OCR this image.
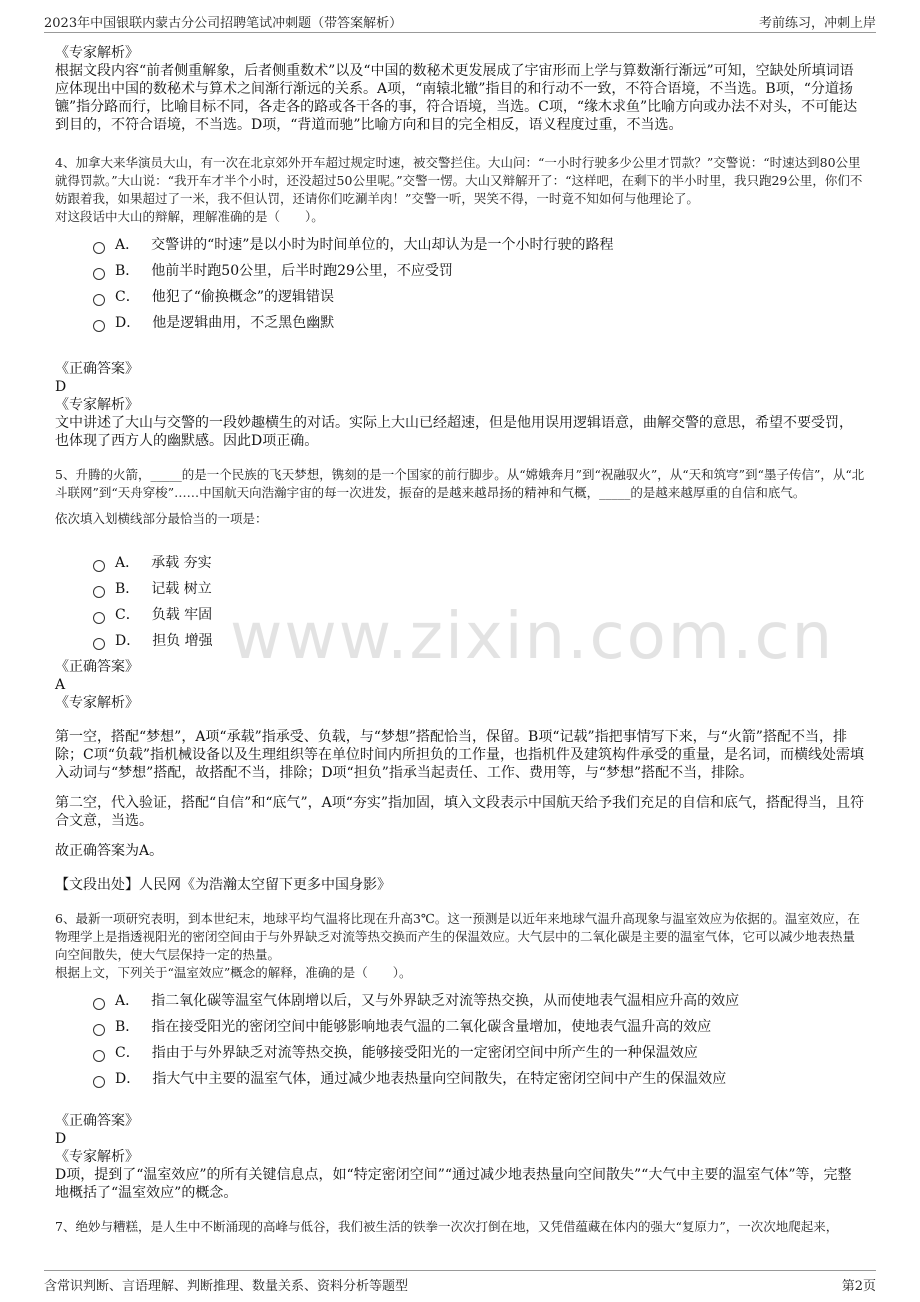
2023年中国银联内蒙古分公司招聘笔试冲刺题（带答案解析）	考前练习，冲刺上岸
www.zixin.com.cn

《专家解析》

根据文段内容“前者侧重解象，后者侧重数术”以及“中国的数秘术更发展成了宇宙形而上学与算数渐行渐远”可知，空缺处所填词语应体现出中国的数秘术与算术之间渐行渐远的关系。A项，“南辕北辙”指目的和行动不一致，不符合语境，不当选。B项，“分道扬镳”指分路而行，比喻目标不同，各走各的路或各干各的事，符合语境，当选。C项，“缘木求鱼”比喻方向或办法不对头，不可能达到目的，不符合语境，不当选。D项，“背道而驰”比喻方向和目的完全相反，语义程度过重，不当选。

4、加拿大来华演员大山，有一次在北京郊外开车超过规定时速，被交警拦住。大山问：“一小时行驶多少公里才罚款？”交警说：“时速达到80公里就得罚款。”大山说：“我开车才半个小时，还没超过50公里呢。”交警一愣。大山又辩解开了：“这样吧，在剩下的半小时里，我只跑29公里，你们不妨跟着我，如果超过了一米，我不但认罚，还请你们吃涮羊肉！”交警一听，哭笑不得，一时竟不知如何与他理论了。

对这段话中大山的辩解，理解准确的是（　　）。

A． 交警讲的“时速”是以小时为时间单位的，大山却认为是一个小时行驶的路程
B． 他前半时跑50公里，后半时跑29公里，不应受罚
C． 他犯了“偷换概念”的逻辑错误
D． 他是逻辑曲用，不乏黑色幽默

《正确答案》

D

《专家解析》

文中讲述了大山与交警的一段妙趣横生的对话。实际上大山已经超速，但是他用误用逻辑语意，曲解交警的意思，希望不要受罚，也体现了西方人的幽默感。因此D项正确。

5、升腾的火箭，_____的是一个民族的飞天梦想，镌刻的是一个国家的前行脚步。从“嫦娥奔月”到“祝融驭火”，从“天和筑穹”到“墨子传信”，从“北斗联网”到“天舟穿梭”……中国航天向浩瀚宇宙的每一次进发，振奋的是越来越昂扬的精神和气概，_____的是越来越厚重的自信和底气。

依次填入划横线部分最恰当的一项是：

A． 承载 夯实
B． 记载 树立
C． 负载 牢固
D． 担负 增强

《正确答案》

A

《专家解析》

第一空，搭配“梦想”，A项“承载”指承受、负载，与“梦想”搭配恰当，保留。B项“记载”指把事情写下来，与“火箭”搭配不当，排除；C项“负载”指机械设备以及生理组织等在单位时间内所担负的工作量，也指机件及建筑构件承受的重量，是名词，而横线处需填入动词与“梦想”搭配，故搭配不当，排除；D项“担负”指承当起责任、工作、费用等，与“梦想”搭配不当，排除。

第二空，代入验证，搭配“自信”和“底气”，A项“夯实”指加固，填入文段表示中国航天给予我们充足的自信和底气，搭配得当，且符合文意，当选。

故正确答案为A。

【文段出处】人民网《为浩瀚太空留下更多中国身影》

6、最新一项研究表明，到本世纪末，地球平均气温将比现在升高3℃。这一预测是以近年来地球气温升高现象与温室效应为依据的。温室效应，在物理学上是指透视阳光的密闭空间由于与外界缺乏对流等热交换而产生的保温效应。大气层中的二氧化碳是主要的温室气体，它可以减少地表热量向空间散失，使大气层保持一定的热量。

根据上文，下列关于“温室效应”概念的解释，准确的是（　　）。

A． 指二氧化碳等温室气体剧增以后，又与外界缺乏对流等热交换，从而使地表气温相应升高的效应
B． 指在接受阳光的密闭空间中能够影响地表气温的二氧化碳含量增加，使地表气温升高的效应
C． 指由于与外界缺乏对流等热交换，能够接受阳光的一定密闭空间中所产生的一种保温效应
D． 指大气中主要的温室气体，通过减少地表热量向空间散失，在特定密闭空间中产生的保温效应

《正确答案》

D

《专家解析》

D项，提到了“温室效应”的所有关键信息点，如“特定密闭空间”“通过减少地表热量向空间散失”“大气中主要的温室气体”等，完整地概括了“温室效应”的概念。

7、绝妙与糟糕，是人生中不断涌现的高峰与低谷，我们被生活的铁拳一次次打倒在地，又凭借蕴藏在体内的强大“复原力”，一次次地爬起来，

含常识判断、言语理解、判断推理、数量关系、资料分析等题型	第2页
